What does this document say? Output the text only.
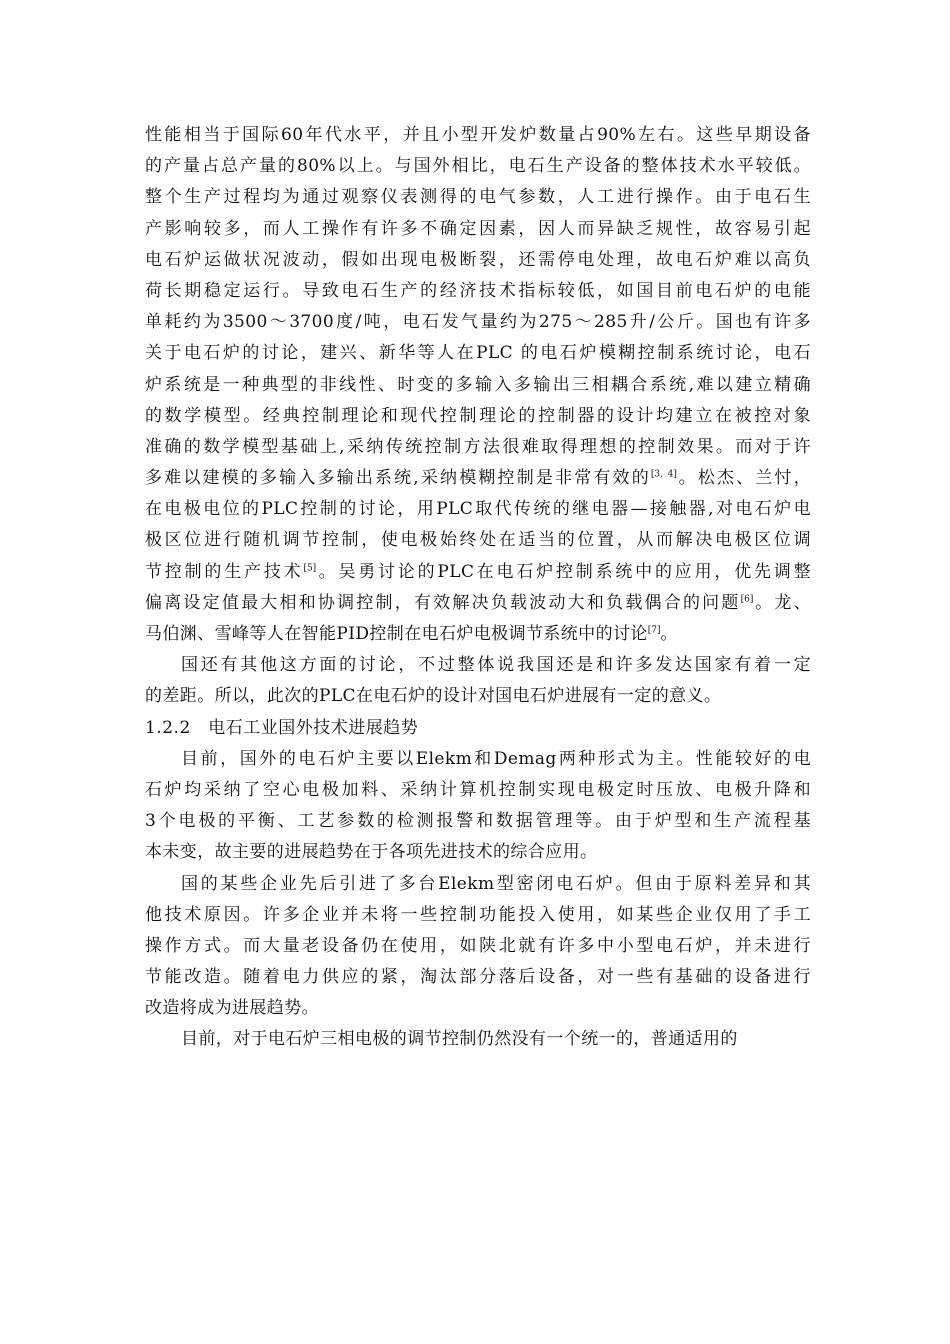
性能相当于国际60年代水平，并且小型开发炉数量占90%左右。这些早期设备
的产量占总产量的80%以上。与国外相比，电石生产设备的整体技术水平较低。
整个生产过程均为通过观察仪表测得的电气参数，人工进行操作。由于电石生
产影响较多，而人工操作有许多不确定因素，因人而异缺乏规性，故容易引起
电石炉运做状况波动，假如出现电极断裂，还需停电处理，故电石炉难以高负
荷长期稳定运行。导致电石生产的经济技术指标较低，如国目前电石炉的电能
单耗约为3500～3700度/吨，电石发气量约为275～285升/公斤。国也有许多
关于电石炉的讨论，建兴、新华等人在PLC 的电石炉模糊控制系统讨论，电石
炉系统是一种典型的非线性、时变的多输入多输出三相耦合系统,难以建立精确
的数学模型。经典控制理论和现代控制理论的控制器的设计均建立在被控对象
准确的数学模型基础上,采纳传统控制方法很难取得理想的控制效果。而对于许
多难以建模的多输入多输出系统,采纳模糊控制是非常有效的[3, 4]。松杰、兰忖，
在电极电位的PLC控制的讨论，用PLC取代传统的继电器—接触器,对电石炉电
极区位进行随机调节控制，使电极始终处在适当的位置，从而解决电极区位调
节控制的生产技术[5]。吴勇讨论的PLC在电石炉控制系统中的应用，优先调整
偏离设定值最大相和协调控制，有效解决负载波动大和负载偶合的问题[6]。龙、
马伯渊、雪峰等人在智能PID控制在电石炉电极调节系统中的讨论[7]。
国还有其他这方面的讨论，不过整体说我国还是和许多发达国家有着一定
的差距。所以，此次的PLC在电石炉的设计对国电石炉进展有一定的意义。
1.2.2　电石工业国外技术进展趋势
目前，国外的电石炉主要以Elekm和Demag两种形式为主。性能较好的电
石炉均采纳了空心电极加料、采纳计算机控制实现电极定时压放、电极升降和
3个电极的平衡、工艺参数的检测报警和数据管理等。由于炉型和生产流程基
本未变，故主要的进展趋势在于各项先进技术的综合应用。
国的某些企业先后引进了多台Elekm型密闭电石炉。但由于原料差异和其
他技术原因。许多企业并未将一些控制功能投入使用，如某些企业仅用了手工
操作方式。而大量老设备仍在使用，如陕北就有许多中小型电石炉，并未进行
节能改造。随着电力供应的紧，淘汰部分落后设备，对一些有基础的设备进行
改造将成为进展趋势。
目前，对于电石炉三相电极的调节控制仍然没有一个统一的，普通适用的
